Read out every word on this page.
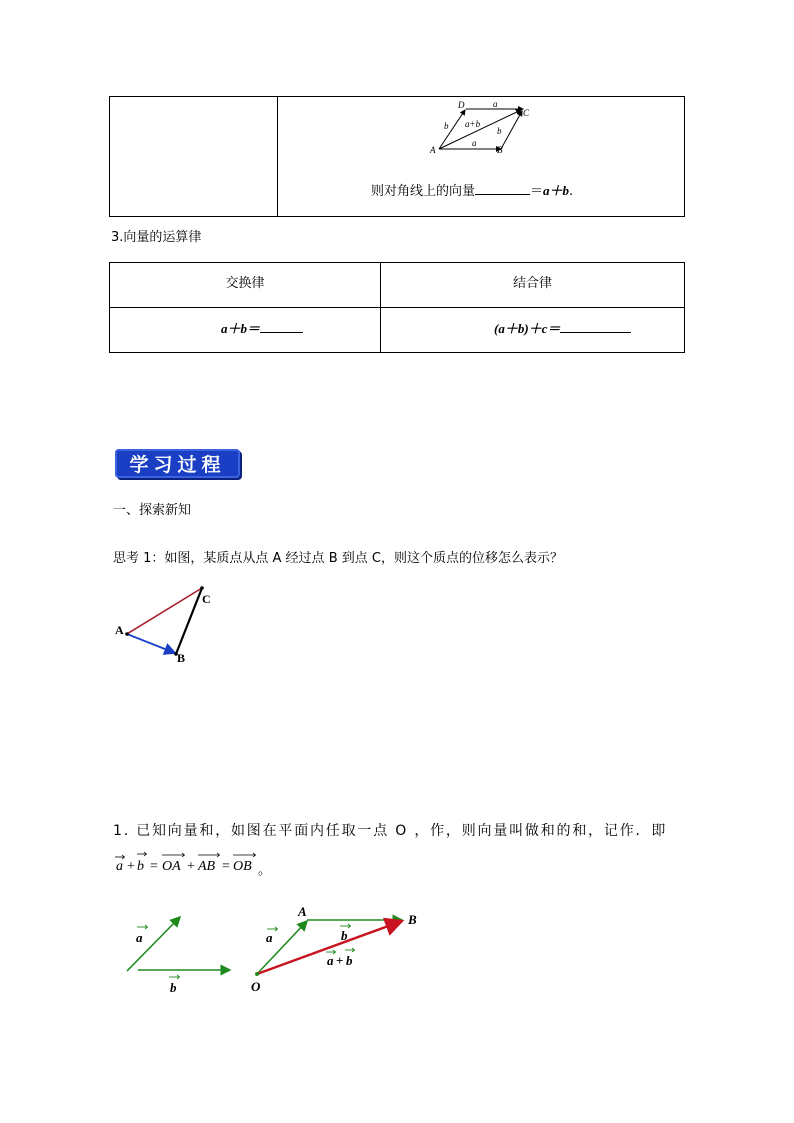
D
C
A	B
a
a
b	b
a+b
则对角线上的向量	＝a＋b.
3.向量的运算律
交换律	结合律
a＋b＝	(a＋b)＋c＝
学习过程
一、探索新知
思考 1：如图，某质点从点 A 经过点 B 到点 C，则这个质点的位移怎么表示？
A
B
C
1. 已知向量和，如图在平面内任取一点 O ，作，则向量叫做和的和，记作．即
a + b = OA + AB = OB 。
a
b	O
A
B
a	b
a + b
